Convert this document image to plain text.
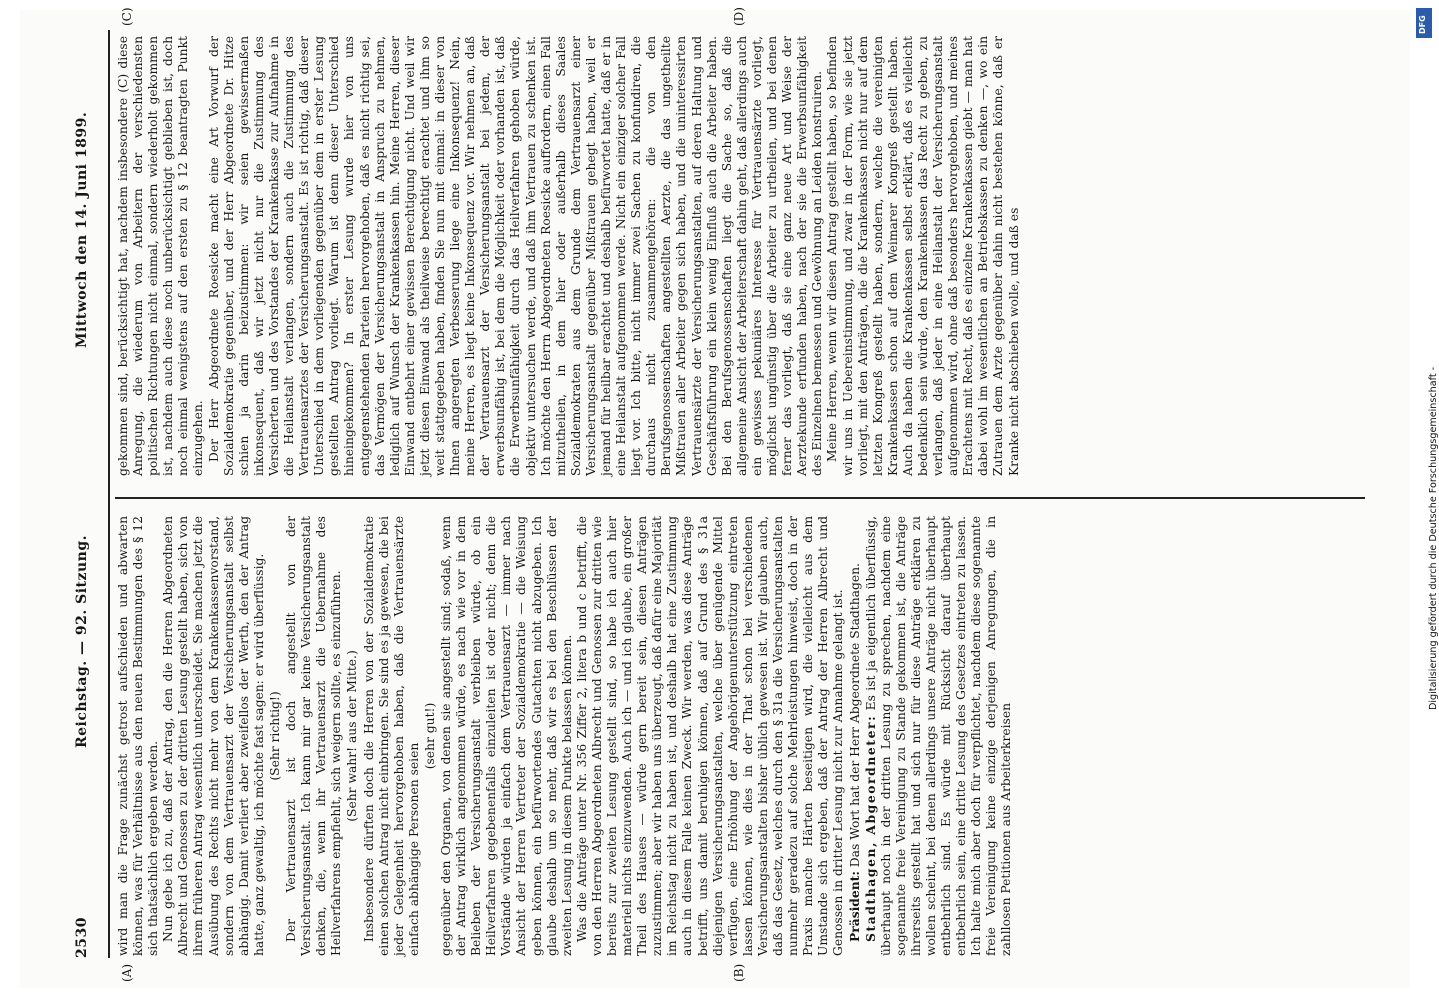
2530
Reichstag. — 92. Sitzung.
Mittwoch den 14. Juni 1899.
(A)	(B)
(C)	(D)

wird man die Frage zunächst getrost aufschieden und abwarten können, was für Verhältnisse aus den neuen Bestimmungen des § 12 sich thatsächlich ergeben werden. Nun gebe ich zu, daß der Antrag, den die Herren Abgeordneten Albrecht und Genossen zu der dritten Lesung gestellt haben, sich von ihrem früheren Antrag wesentlich unterscheidet. Sie machen jetzt die Ausübung des Rechts nicht mehr von dem Krankenkassenvorstand, sondern von dem Vertrauensarzt der Versicherungsanstalt selbst abhängig. Damit verliert aber zweifellos der Werth, den der Antrag hatte, ganz gewaltig, ich möchte fast sagen: er wird überflüssig. (Sehr richtig!) Der Vertrauensarzt ist doch angestellt von der Versicherungsanstalt. Ich kann mir gar keine Versicherungsanstalt denken, die, wenn ihr Vertrauensarzt die Uebernahme des Heilverfahrens empfiehlt, sich weigern sollte, es einzuführen. (Sehr wahr! aus der Mitte.) Insbesondere dürften doch die Herren von der Sozialdemokratie einen solchen Antrag nicht einbringen. Sie sind es ja gewesen, die bei jeder Gelegenheit hervorgehoben haben, daß die Vertrauensärzte einfach abhängige Personen seien

(sehr gut!) gegenüber den Organen, von denen sie angestellt sind; sodaß, wenn der Antrag wirklich angenommen würde, es nach wie vor in dem Belieben der Versicherungsanstalt verbleiben würde, ob ein Heilverfahren gegebenenfalls einzuleiten ist oder nicht; denn die Vorstände würden ja einfach dem Vertrauensarzt — immer nach Ansicht der Herren Vertreter der Sozialdemokratie — die Weisung geben können, ein befürwortendes Gutachten nicht abzugeben. Ich glaube deshalb um so mehr, daß wir es bei den Beschlüssen der zweiten Lesung in diesem Punkte belassen können. Was die Anträge unter Nr. 356 Ziffer 2, litera b und c betrifft, die von den Herren Abgeordneten Albrecht und Genossen zur dritten wie bereits zur zweiten Lesung gestellt sind, so habe ich auch hier materiell nichts einzuwenden. Auch ich — und ich glaube, ein großer Theil des Hauses — würde gern bereit sein, diesen Anträgen zuzustimmen; aber wir haben uns überzeugt, daß dafür eine Majorität im Reichstag nicht zu haben ist, und deshalb hat eine Zustimmung auch in diesem Falle keinen Zweck. Wir werden, was diese Anträge betrifft, uns damit beruhigen können, daß auf Grund des § 31a diejenigen Versicherungsanstalten, welche über genügende Mittel verfügen, eine Erhöhung der Angehörigenunterstützung eintreten lassen können, wie dies in der That schon bei verschiedenen Versicherungsanstalten bisher üblich gewesen ist. Wir glauben auch, daß das Gesetz, welches durch den § 31a die Versicherungsanstalten nunmehr geradezu auf solche Mehrleistungen hinweist, doch in der Praxis manche Härten beseitigen wird, die vielleicht aus dem Umstande sich ergeben, daß der Antrag der Herren Albrecht und Genossen in dritter Lesung nicht zur Annahme gelangt ist. Präsident: Das Wort hat der Herr Abgeordnete Stadthagen. Stadthagen, Abgeordneter: Es ist ja eigentlich überflüssig, überhaupt noch in der dritten Lesung zu sprechen, nachdem eine sogenannte freie Vereinigung zu Stande gekommen ist, die Anträge ihrerseits gestellt hat und sich nur für diese Anträge erklären zu wollen scheint, bei denen allerdings unsere Anträge nicht überhaupt entbehrlich sind. Es würde mit Rücksicht darauf überhaupt entbehrlich sein, eine dritte Lesung des Gesetzes eintreten zu lassen. Ich halte mich aber doch für verpflichtet, nachdem diese sogenannte freie Vereinigung keine einzige derjenigen Anregungen, die in zahllosen Petitionen aus Arbeiterkreisen

gekommen sind, berücksichtigt hat, nachdem insbesondere (C) diese Anregung, die wiederum von Arbeitern der verschiedensten politischen Richtungen nicht einmal, sondern wiederholt gekommen ist, nachdem auch diese noch unberücksichtigt geblieben ist, doch noch einmal wenigstens auf den ersten zu § 12 beantragten Punkt einzugehen. Der Herr Abgeordnete Roesicke macht eine Art Vorwurf der Sozialdemokratie gegenüber, und der Herr Abgeordnete Dr. Hitze schien ja darin beizustimmen: wir seien gewissermaßen inkonsequent, daß wir jetzt nicht nur die Zustimmung des Versicherten und des Vorstandes der Krankenkasse zur Aufnahme in die Heilanstalt verlangen, sondern auch die Zustimmung des Vertrauensarztes der Versicherungsanstalt. Es ist richtig, daß dieser Unterschied in dem vorliegenden gegenüber dem in erster Lesung gestellten Antrag vorliegt. Warum ist denn dieser Unterschied hineingekommen? In erster Lesung wurde hier von uns entgegenstehenden Parteien hervorgehoben, daß es nicht richtig sei, das Vermögen der Versicherungsanstalt in Anspruch zu nehmen, lediglich auf Wunsch der Krankenkassen hin. Meine Herren, dieser Einwand entbehrt einer gewissen Berechtigung nicht. Und weil wir jetzt diesen Einwand als theilweise berechtigt erachtet und ihm so weit stattgegeben haben, finden Sie nun mit einmal: in dieser von Ihnen angeregten Verbesserung liege eine Inkonsequenz! Nein, meine Herren, es liegt keine Inkonsequenz vor. Wir nehmen an, daß der Vertrauensarzt der Versicherungsanstalt bei jedem, der erwerbsunfähig ist, bei dem die Möglichkeit oder vorhanden ist, daß die Erwerbsunfähigkeit durch das Heilverfahren gehoben würde, objektiv untersuchen werde, und daß ihm Vertrauen zu schenken ist. Ich möchte den Herrn Abgeordneten Roesicke auffordern, einen Fall mitzutheilen, in dem hier oder außerhalb dieses Saales Sozialdemokraten aus dem Grunde dem Vertrauensarzt einer Versicherungsanstalt gegenüber Mißtrauen gehegt haben, weil er jemand für heilbar erachtet und deshalb befürwortet hatte, daß er in eine Heilanstalt aufgenommen werde. Nicht ein einziger solcher Fall liegt vor. Ich bitte, nicht immer zwei Sachen zu konfundiren, die durchaus nicht zusammengehören: die von den Berufsgenossenschaften angestellten Aerzte, die das ungetheilte Mißtrauen aller Arbeiter gegen sich haben, und die uninteressirten Vertrauensärzte der Versicherungsanstalten, auf deren Haltung und Geschäftsführung ein klein wenig Einfluß auch die Arbeiter haben. Bei den Berufsgenossenschaften liegt die Sache so, daß die allgemeine Ansicht der Arbeiterschaft dahin geht, daß allerdings auch ein gewisses pekuniäres Interesse für Vertrauensärzte vorliegt, möglichst ungünstig über die Arbeiter zu urtheilen, und bei denen ferner das vorliegt, daß sie eine ganz neue Art und Weise der Aerztekunde erfunden haben, nach der sie die Erwerbsunfähigkeit des Einzelnen bemessen und Gewöhnung an Leiden konstruiren. Meine Herren, wenn wir diesen Antrag gestellt haben, so befinden wir uns in Uebereinstimmung, und zwar in der Form, wie sie jetzt vorliegt, mit den Anträgen, die die Krankenkassen nicht nur auf dem letzten Kongreß gestellt haben, sondern, welche die vereinigten Krankenkassen schon auf dem Weimarer Kongreß gestellt haben. Auch da haben die Krankenkassen selbst erklärt, daß es vielleicht bedenklich sein würde, den Krankenkassen das Recht zu geben, zu verlangen, daß jeder in eine Heilanstalt der Versicherungsanstalt aufgenommen wird, ohne daß besonders hervorgehoben, und meines Erachtens mit Recht, daß es einzelne Krankenkassen giebt — man hat dabei wohl im wesentlichen an Betriebskassen zu denken —, wo ein Zutrauen dem Arzte gegenüber dahin nicht bestehen könne, daß er Kranke nicht abschieben wolle, und daß es

DFG
Digitalisierung gefördert durch die Deutsche Forschungsgemeinschaft -
